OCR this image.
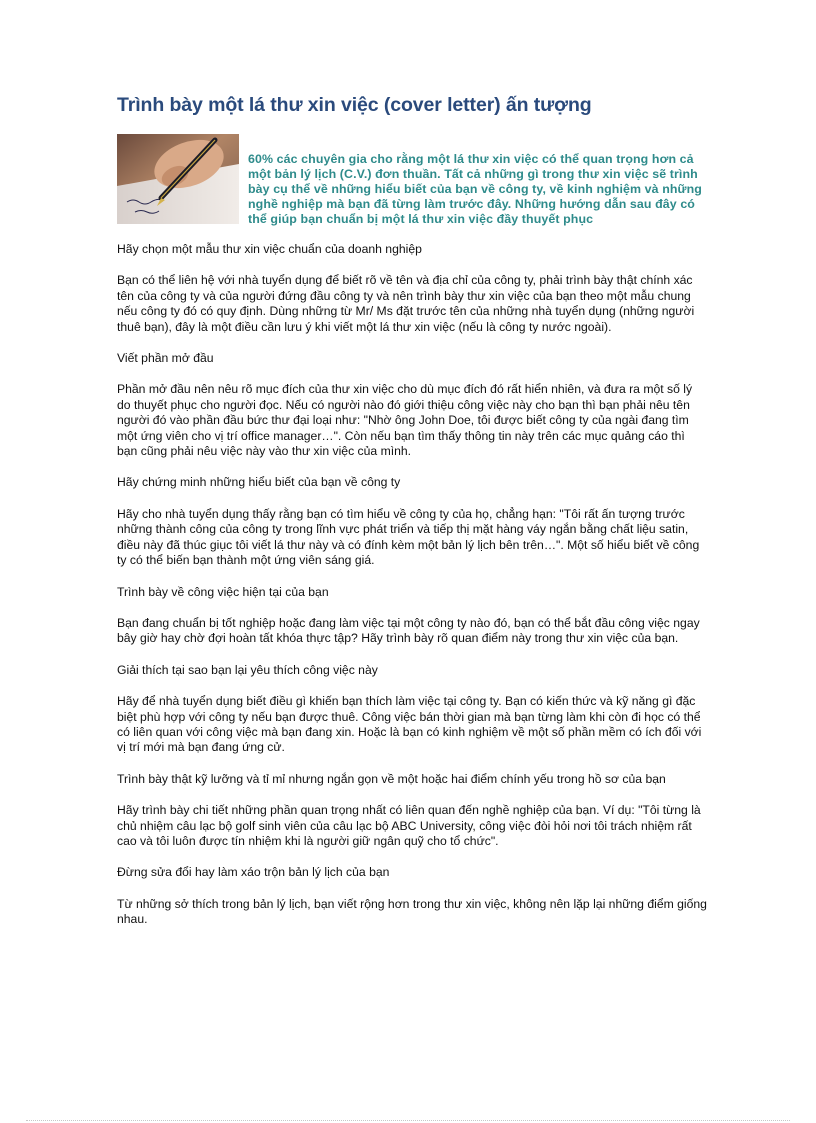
Trình bày một lá thư xin việc (cover letter) ấn tượng
60% các chuyên gia cho rằng một lá thư xin việc có thể quan trọng hơn cả một bản lý lịch (C.V.) đơn thuần. Tất cả những gì trong thư xin việc sẽ trình bày cụ thể về những hiểu biết của bạn về công ty, về kinh nghiệm và những nghề nghiệp mà bạn đã từng làm trước đây. Những hướng dẫn sau đây có thể giúp bạn chuẩn bị một lá thư xin việc đầy thuyết phục

Hãy chọn một mẫu thư xin việc chuẩn của doanh nghiệp

Bạn có thể liên hệ với nhà tuyển dụng để biết rõ về tên và địa chỉ của công ty, phải trình bày thật chính xác tên của công ty và của người đứng đầu công ty và nên trình bày thư xin việc của bạn theo một mẫu chung nếu công ty đó có quy định. Dùng những từ Mr/ Ms đặt trước tên của những nhà tuyển dụng (những người thuê bạn), đây là một điều cần lưu ý khi viết một lá thư xin việc (nếu là công ty nước ngoài).

Viết phần mở đầu

Phần mở đầu nên nêu rõ mục đích của thư xin việc cho dù mục đích đó rất hiển nhiên, và đưa ra một số lý do thuyết phục cho người đọc. Nếu có người nào đó giới thiệu công việc này cho bạn thì bạn phải nêu tên người đó vào phần đầu bức thư đại loại như: "Nhờ ông John Doe, tôi được biết công ty của ngài đang tìm một ứng viên cho vị trí office manager…". Còn nếu bạn tìm thấy thông tin này trên các mục quảng cáo thì bạn cũng phải nêu việc này vào thư xin việc của mình.

Hãy chứng minh những hiểu biết của bạn về công ty

Hãy cho nhà tuyển dụng thấy rằng bạn có tìm hiểu về công ty của họ, chẳng hạn: "Tôi rất ấn tượng trước những thành công của công ty trong lĩnh vực phát triển và tiếp thị mặt hàng váy ngắn bằng chất liệu satin, điều này đã thúc giục tôi viết lá thư này và có đính kèm một bản lý lịch bên trên…". Một số hiểu biết về công ty có thể biến bạn thành một ứng viên sáng giá.

Trình bày về công việc hiện tại của bạn

Bạn đang chuẩn bị tốt nghiệp hoặc đang làm việc tại một công ty nào đó, bạn có thể bắt đầu công việc ngay bây giờ hay chờ đợi hoàn tất khóa thực tập? Hãy trình bày rõ quan điểm này trong thư xin việc của bạn.

Giải thích tại sao bạn lại yêu thích công việc này

Hãy để nhà tuyển dụng biết điều gì khiến bạn thích làm việc tại công ty. Bạn có kiến thức và kỹ năng gì đặc biệt phù hợp với công ty nếu bạn được thuê. Công việc bán thời gian mà bạn từng làm khi còn đi học có thể có liên quan với công việc mà bạn đang xin. Hoặc là bạn có kinh nghiệm về một số phần mềm có ích đối với vị trí mới mà bạn đang ứng cử.

Trình bày thật kỹ lưỡng và tỉ mỉ nhưng ngắn gọn về một hoặc hai điểm chính yếu trong hồ sơ của bạn

Hãy trình bày chi tiết những phần quan trọng nhất có liên quan đến nghề nghiệp của bạn. Ví dụ: "Tôi từng là chủ nhiệm câu lạc bộ golf sinh viên của câu lạc bộ ABC University, công việc đòi hỏi nơi tôi trách nhiệm rất cao và tôi luôn được tín nhiệm khi là người giữ ngân quỹ cho tổ chức".

Đừng sửa đổi hay làm xáo trộn bản lý lịch của bạn

Từ những sở thích trong bản lý lịch, bạn viết rộng hơn trong thư xin việc, không nên lặp lại những điểm giống nhau.
